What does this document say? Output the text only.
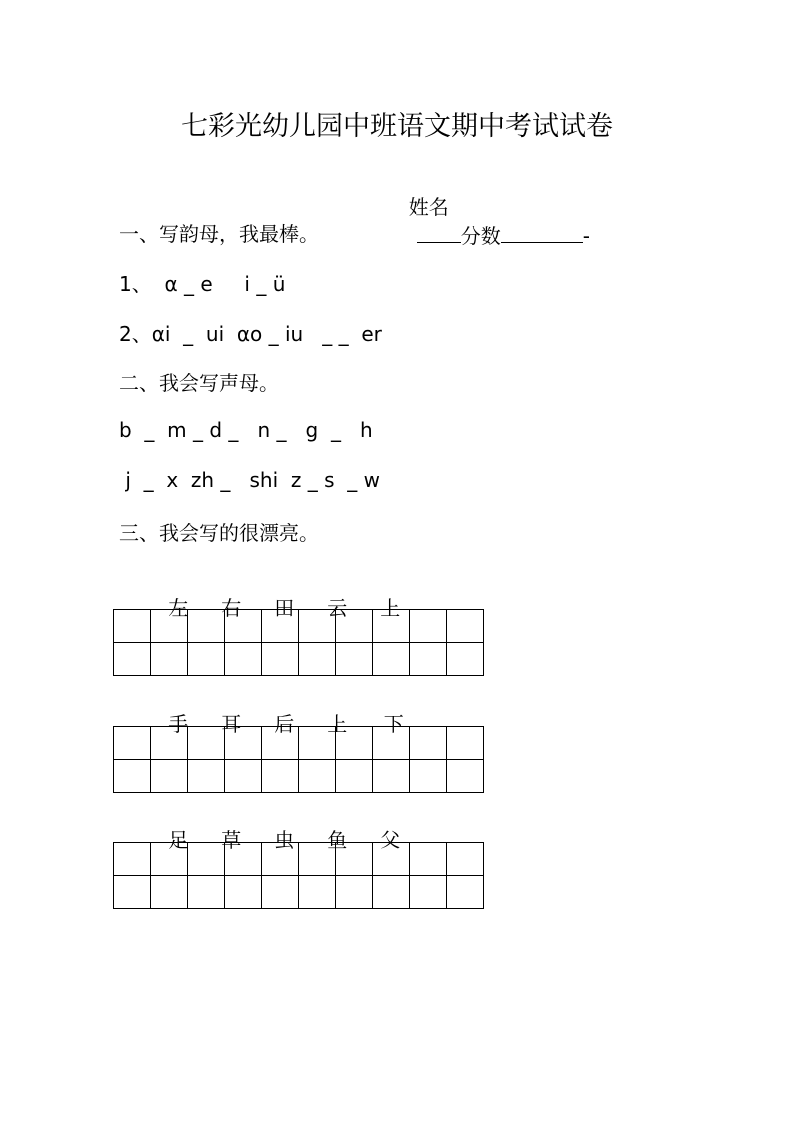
七彩光幼儿园中班语文期中考试试卷

姓名
分数	-

一、写韵母，我最棒。
1、  α _ e     i _ ü
2、αi  _  ui  αo _ iu   _ _  er
二、我会写声母。
b  _  m _ d _   n _   g  _   h
j  _  x  zh _   shi  z _ s  _ w
三、我会写的很漂亮。

左 右 田 云 上

手 耳 后 上 下

足 草 虫 鱼 父
